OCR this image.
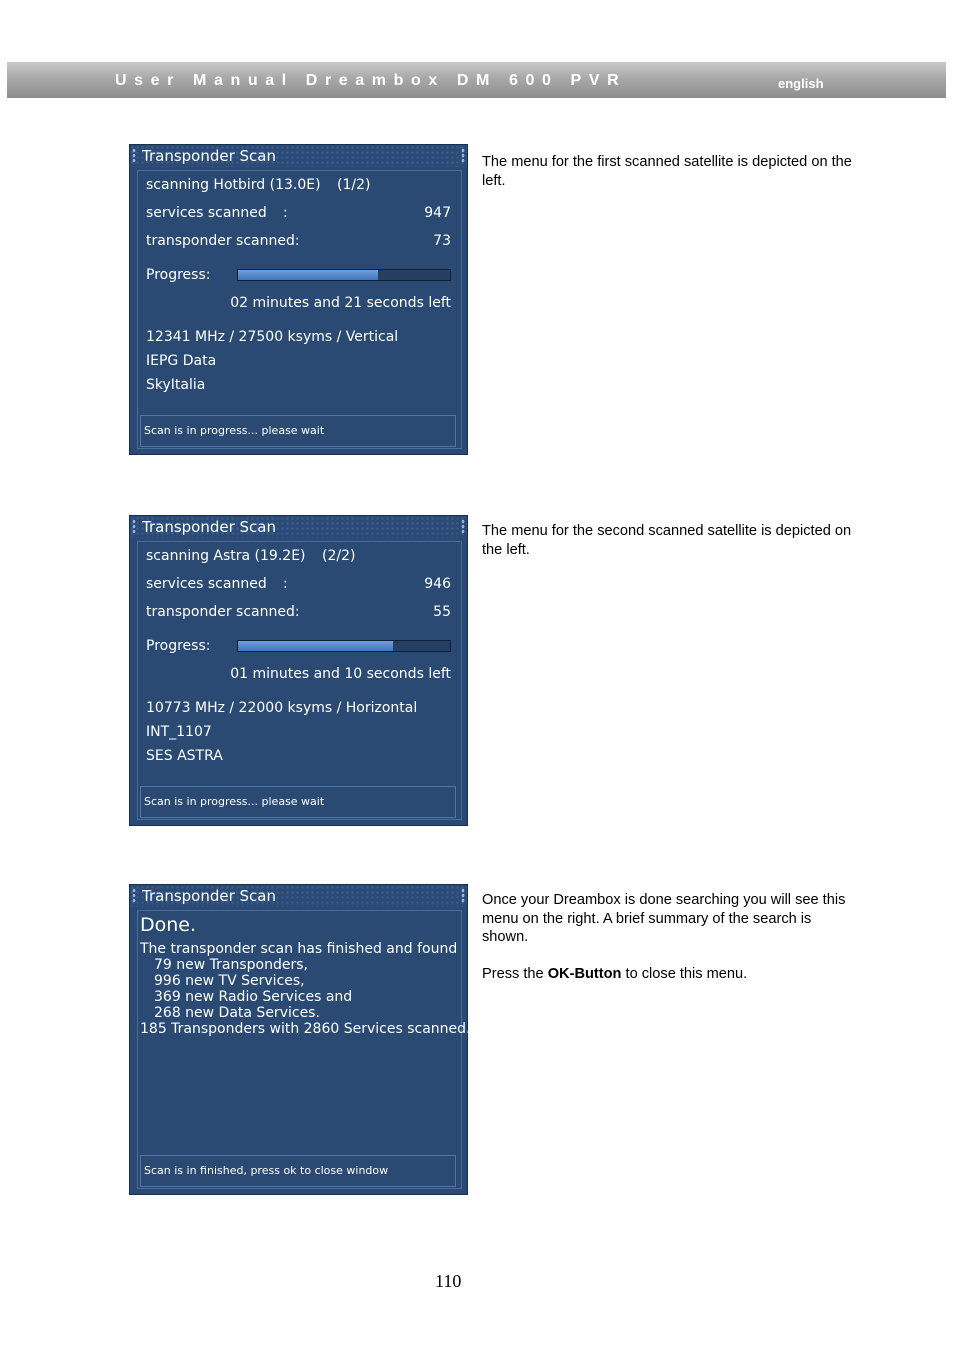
User Manual Dreambox DM 600 PVR	english
Transponder Scan
scanning Hotbird (13.0E) (1/2)
services scanned :	947
transponder scanned:	73
Progress:
02 minutes and 21 seconds left
12341 MHz / 27500 ksyms / Vertical
IEPG Data
SkyItalia
Scan is in progress... please wait
Transponder Scan
scanning Astra (19.2E) (2/2)
services scanned :	946
transponder scanned:	55
Progress:
01 minutes and 10 seconds left
10773 MHz / 22000 ksyms / Horizontal
INT_1107
SES ASTRA
Scan is in progress... please wait
Transponder Scan
Done.
The transponder scan has finished and found
79 new Transponders,
996 new TV Services,
369 new Radio Services and
268 new Data Services.
185 Transponders with 2860 Services scanned.
Scan is in finished, press ok to close window

The menu for the first scanned satellite is depicted on the left.

The menu for the second scanned satellite is depicted on the left.

Once your Dreambox is done searching you will see this menu on the right. A brief summary of the search is shown.

Press the OK-Button to close this menu.

110
